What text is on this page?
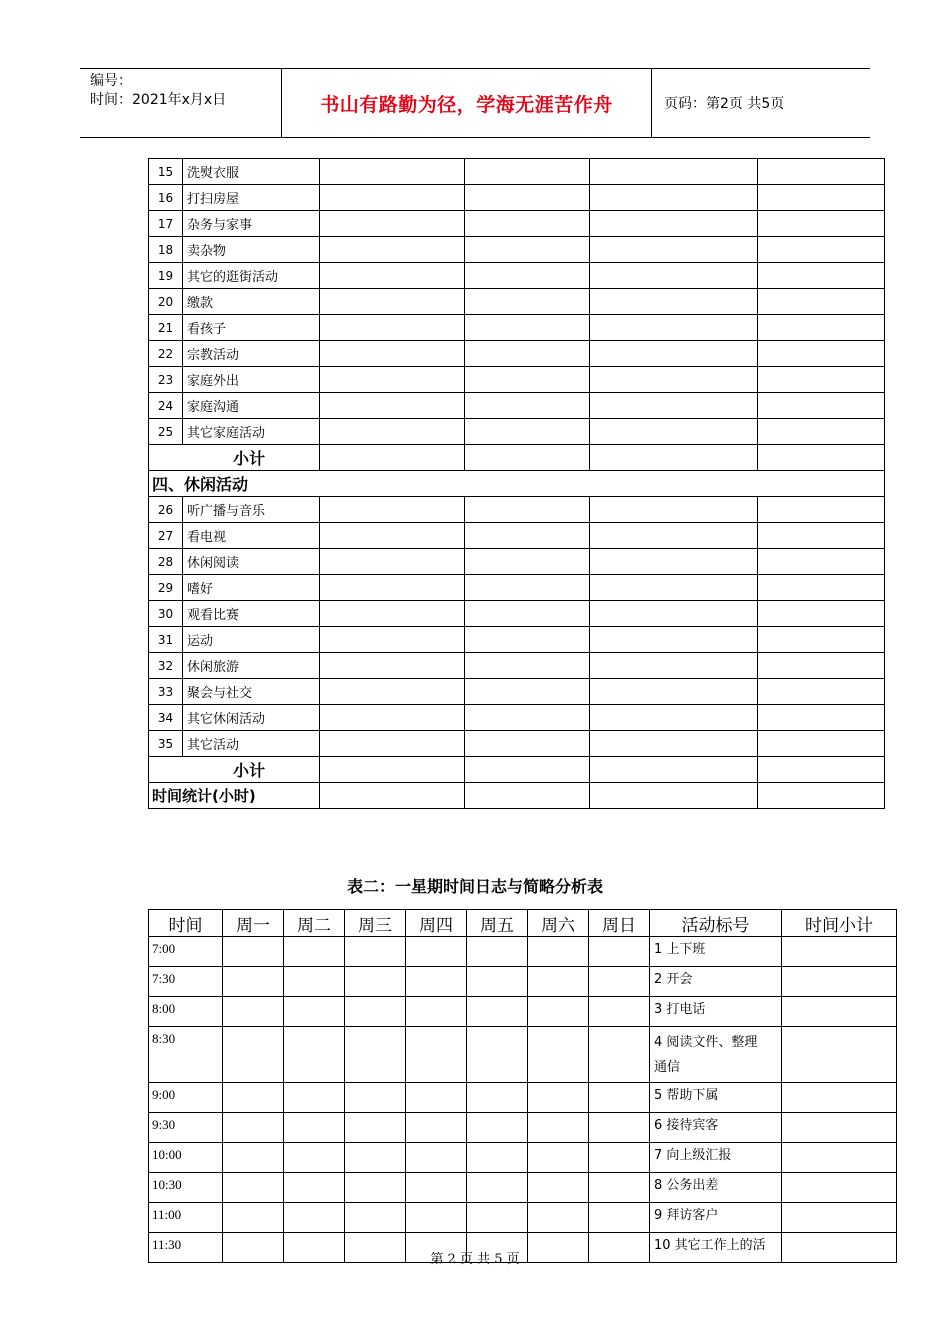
编号：
时间：2021年x月x日	书山有路勤为径，学海无涯苦作舟	页码：第2页 共5页
15	洗熨衣服				
16	打扫房屋				
17	杂务与家事				
18	卖杂物				
19	其它的逛街活动				
20	缴款				
21	看孩子				
22	宗教活动				
23	家庭外出				
24	家庭沟通				
25	其它家庭活动				
小计					
四、休闲活动					
26	听广播与音乐				
27	看电视				
28	休闲阅读				
29	嗜好				
30	观看比赛				
31	运动				
32	休闲旅游				
33	聚会与社交				
34	其它休闲活动				
35	其它活动				
小计					
时间统计(小时)					
表二：一星期时间日志与简略分析表
时间	周一	周二	周三	周四	周五	周六	周日	活动标号	时间小计
7:00								1 上下班	

7:30								2 开会	

8:00								3 打电话	

8:30								4 阅读文件、整理
通信	

9:00								5 帮助下属	

9:30								6 接待宾客	

10:00								7 向上级汇报	

10:30								8 公务出差	

11:00								9 拜访客户	

11:30								10 其它工作上的活	

第 2 页 共 5 页
